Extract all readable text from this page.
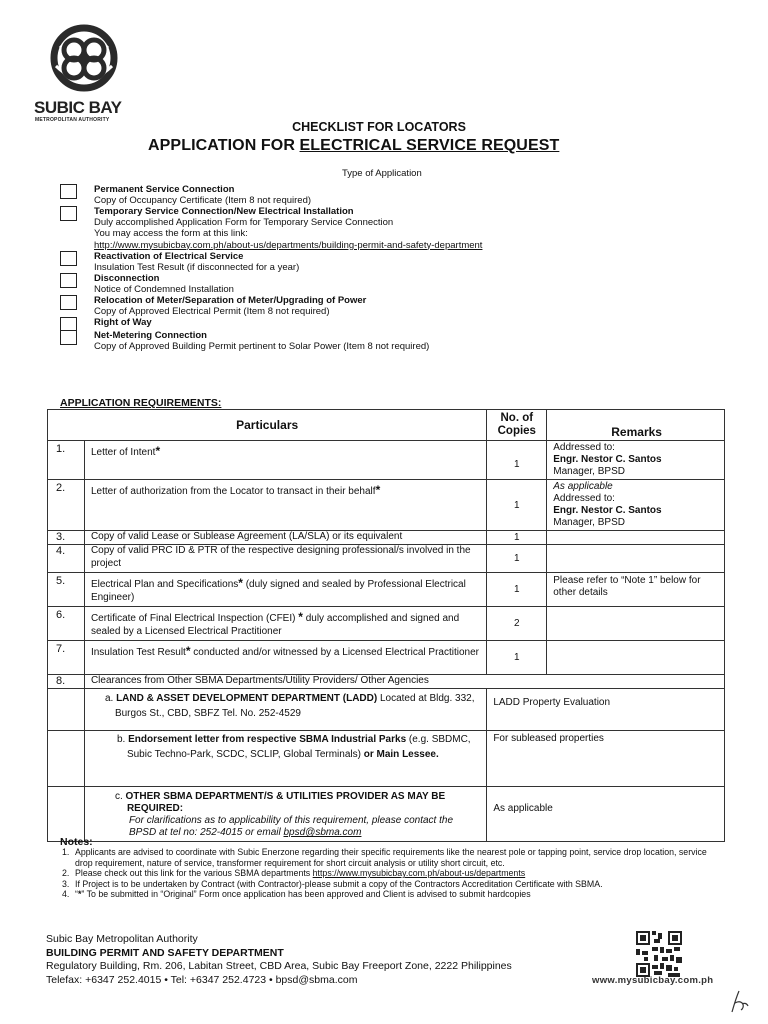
SUBIC BAY
METROPOLITAN AUTHORITY	CHECKLIST FOR LOCATORS
APPLICATION FOR ELECTRICAL SERVICE REQUEST
Type of Application
Permanent Service Connection
Copy of Occupancy Certificate (Item 8 not required)
Temporary Service Connection/New Electrical Installation
Duly accomplished Application Form for Temporary Service Connection
You may access the form at this link:
http://www.mysubicbay.com.ph/about-us/departments/building-permit-and-safety-department
Reactivation of Electrical Service
Insulation Test Result (if disconnected for a year)
Disconnection
Notice of Condemned Installation
Relocation of Meter/Separation of Meter/Upgrading of Power
Copy of Approved Electrical Permit (Item 8 not required)
Right of Way
Net-Metering Connection
Copy of Approved Building Permit pertinent to Solar Power (Item 8 not required)
APPLICATION REQUIREMENTS:
Particulars		No. of Copies	Remarks
1.	Letter of Intent*	1	Addressed to:
Engr. Nestor C. Santos
Manager, BPSD

2.	Letter of authorization from the Locator to transact in their behalf*	1	As applicable
Addressed to:
Engr. Nestor C. Santos
Manager, BPSD

3.	Copy of valid Lease or Sublease Agreement (LA/SLA) or its equivalent	1	
4.	Copy of valid PRC ID & PTR of the respective designing professional/s involved in the project	1	
5.	Electrical Plan and Specifications* (duly signed and sealed by Professional Electrical Engineer)	1	Please refer to “Note 1” below for other details
6.	Certificate of Final Electrical Inspection (CFEI) * duly accomplished and signed and sealed by a Licensed Electrical Practitioner	2	
7.	Insulation Test Result* conducted and/or witnessed by a Licensed Electrical Practitioner	1	
8.	Clearances from Other SBMA Departments/Utility Providers/ Other Agencies		
	a. LAND & ASSET DEVELOPMENT DEPARTMENT (LADD) Located at Bldg. 332, Burgos St., CBD, SBFZ Tel. No. 252-4529	LADD Property Evaluation	
	b. Endorsement letter from respective SBMA Industrial Parks (e.g. SBDMC, Subic Techno-Park, SCDC, SCLIP, Global Terminals) or Main Lessee.	For subleased properties	

	c. OTHER SBMA DEPARTMENT/S & UTILITIES PROVIDER AS MAY BE REQUIRED:
For clarifications as to applicability of this requirement, please contact the BPSD at tel no: 252-4015 or email bpsd@sbma.com	As applicable	
Notes:
1. Applicants are advised to coordinate with Subic Enerzone regarding their specific requirements like the nearest pole or tapping point, service drop location, service drop requirement, nature of service, transformer requirement for short circuit analysis or utility short circuit, etc.
2. Please check out this link for the various SBMA departments https://www.mysubicbay.com.ph/about-us/departments
3. If Project is to be undertaken by Contract (with Contractor)-please submit a copy of the Contractors Accreditation Certificate with SBMA.
4. “*” To be submitted in “Original” Form once application has been approved and Client is advised to submit hardcopies
Subic Bay Metropolitan Authority
BUILDING PERMIT AND SAFETY DEPARTMENT
Regulatory Building, Rm. 206, Labitan Street, CBD Area, Subic Bay Freeport Zone, 2222 Philippines
Telefax: +6347 252.4015 • Tel: +6347 252.4723 • bpsd@sbma.com	www.mysubicbay.com.ph
